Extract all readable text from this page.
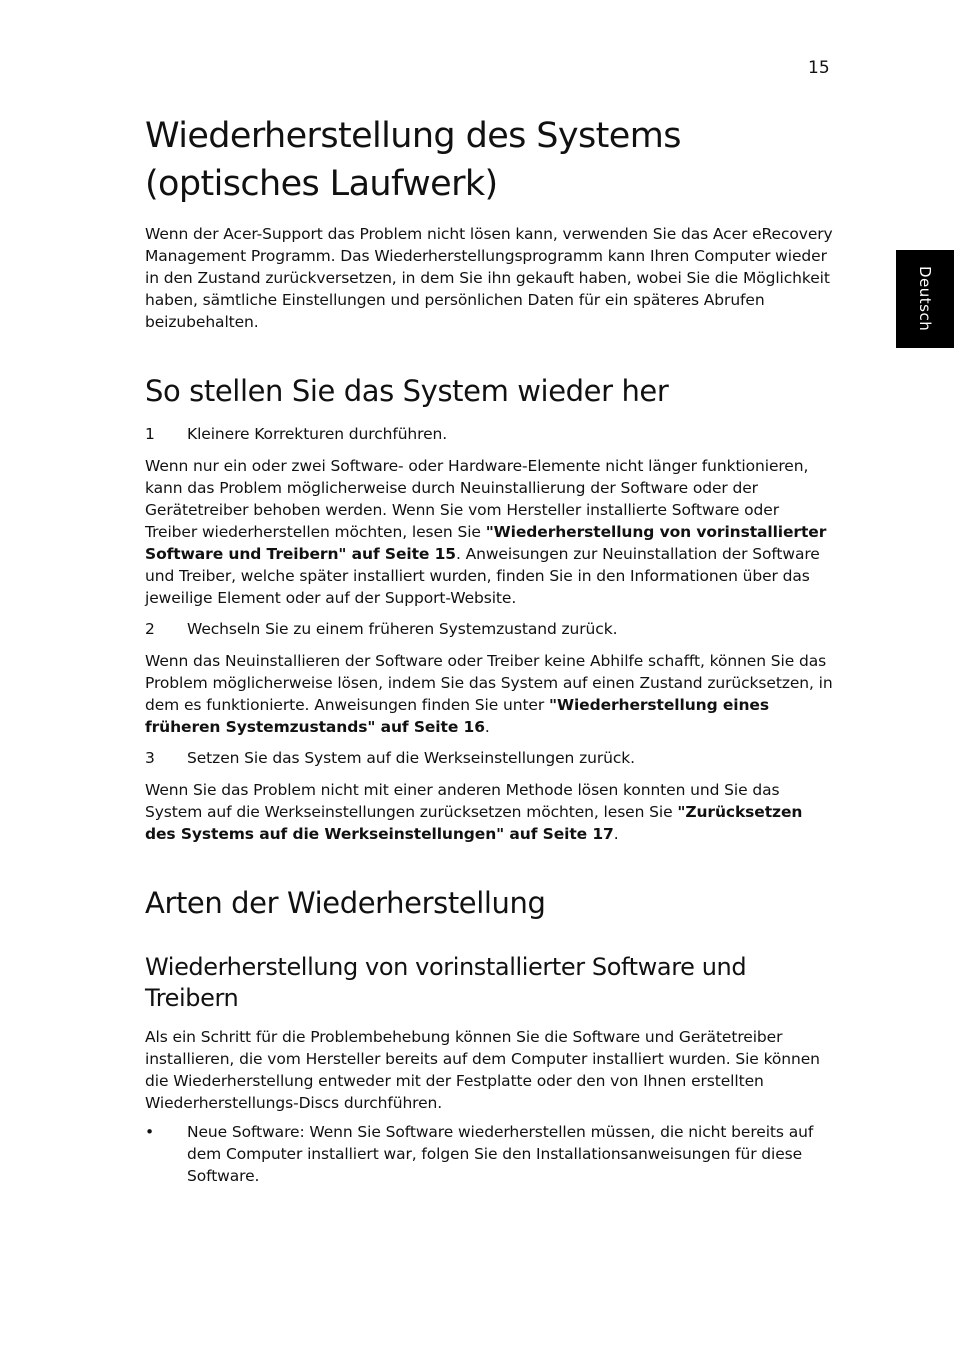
15
Deutsch
Wiederherstellung des Systems
(optisches Laufwerk)

Wenn der Acer-Support das Problem nicht lösen kann, verwenden Sie das Acer eRecovery Management Programm. Das Wiederherstellungsprogramm kann Ihren Computer wieder in den Zustand zurückversetzen, in dem Sie ihn gekauft haben, wobei Sie die Möglichkeit haben, sämtliche Einstellungen und persönlichen Daten für ein späteres Abrufen beizubehalten.

So stellen Sie das System wieder her
1	Kleinere Korrekturen durchführen.

Wenn nur ein oder zwei Software- oder Hardware-Elemente nicht länger funktionieren, kann das Problem möglicherweise durch Neuinstallierung der Software oder der Gerätetreiber behoben werden. Wenn Sie vom Hersteller installierte Software oder Treiber wiederherstellen möchten, lesen Sie "Wiederherstellung von vorinstallierter Software und Treibern" auf Seite 15. Anweisungen zur Neuinstallation der Software und Treiber, welche später installiert wurden, finden Sie in den Informationen über das jeweilige Element oder auf der Support-Website.

2	Wechseln Sie zu einem früheren Systemzustand zurück.

Wenn das Neuinstallieren der Software oder Treiber keine Abhilfe schafft, können Sie das Problem möglicherweise lösen, indem Sie das System auf einen Zustand zurücksetzen, in dem es funktionierte. Anweisungen finden Sie unter "Wiederherstellung eines früheren Systemzustands" auf Seite 16.

3	Setzen Sie das System auf die Werkseinstellungen zurück.

Wenn Sie das Problem nicht mit einer anderen Methode lösen konnten und Sie das System auf die Werkseinstellungen zurücksetzen möchten, lesen Sie "Zurücksetzen des Systems auf die Werkseinstellungen" auf Seite 17.

Arten der Wiederherstellung
Wiederherstellung von vorinstallierter Software und Treibern

Als ein Schritt für die Problembehebung können Sie die Software und Gerätetreiber installieren, die vom Hersteller bereits auf dem Computer installiert wurden. Sie können die Wiederherstellung entweder mit der Festplatte oder den von Ihnen erstellten Wiederherstellungs-Discs durchführen.

•	Neue Software: Wenn Sie Software wiederherstellen müssen, die nicht bereits auf dem Computer installiert war, folgen Sie den Installationsanweisungen für diese Software.
